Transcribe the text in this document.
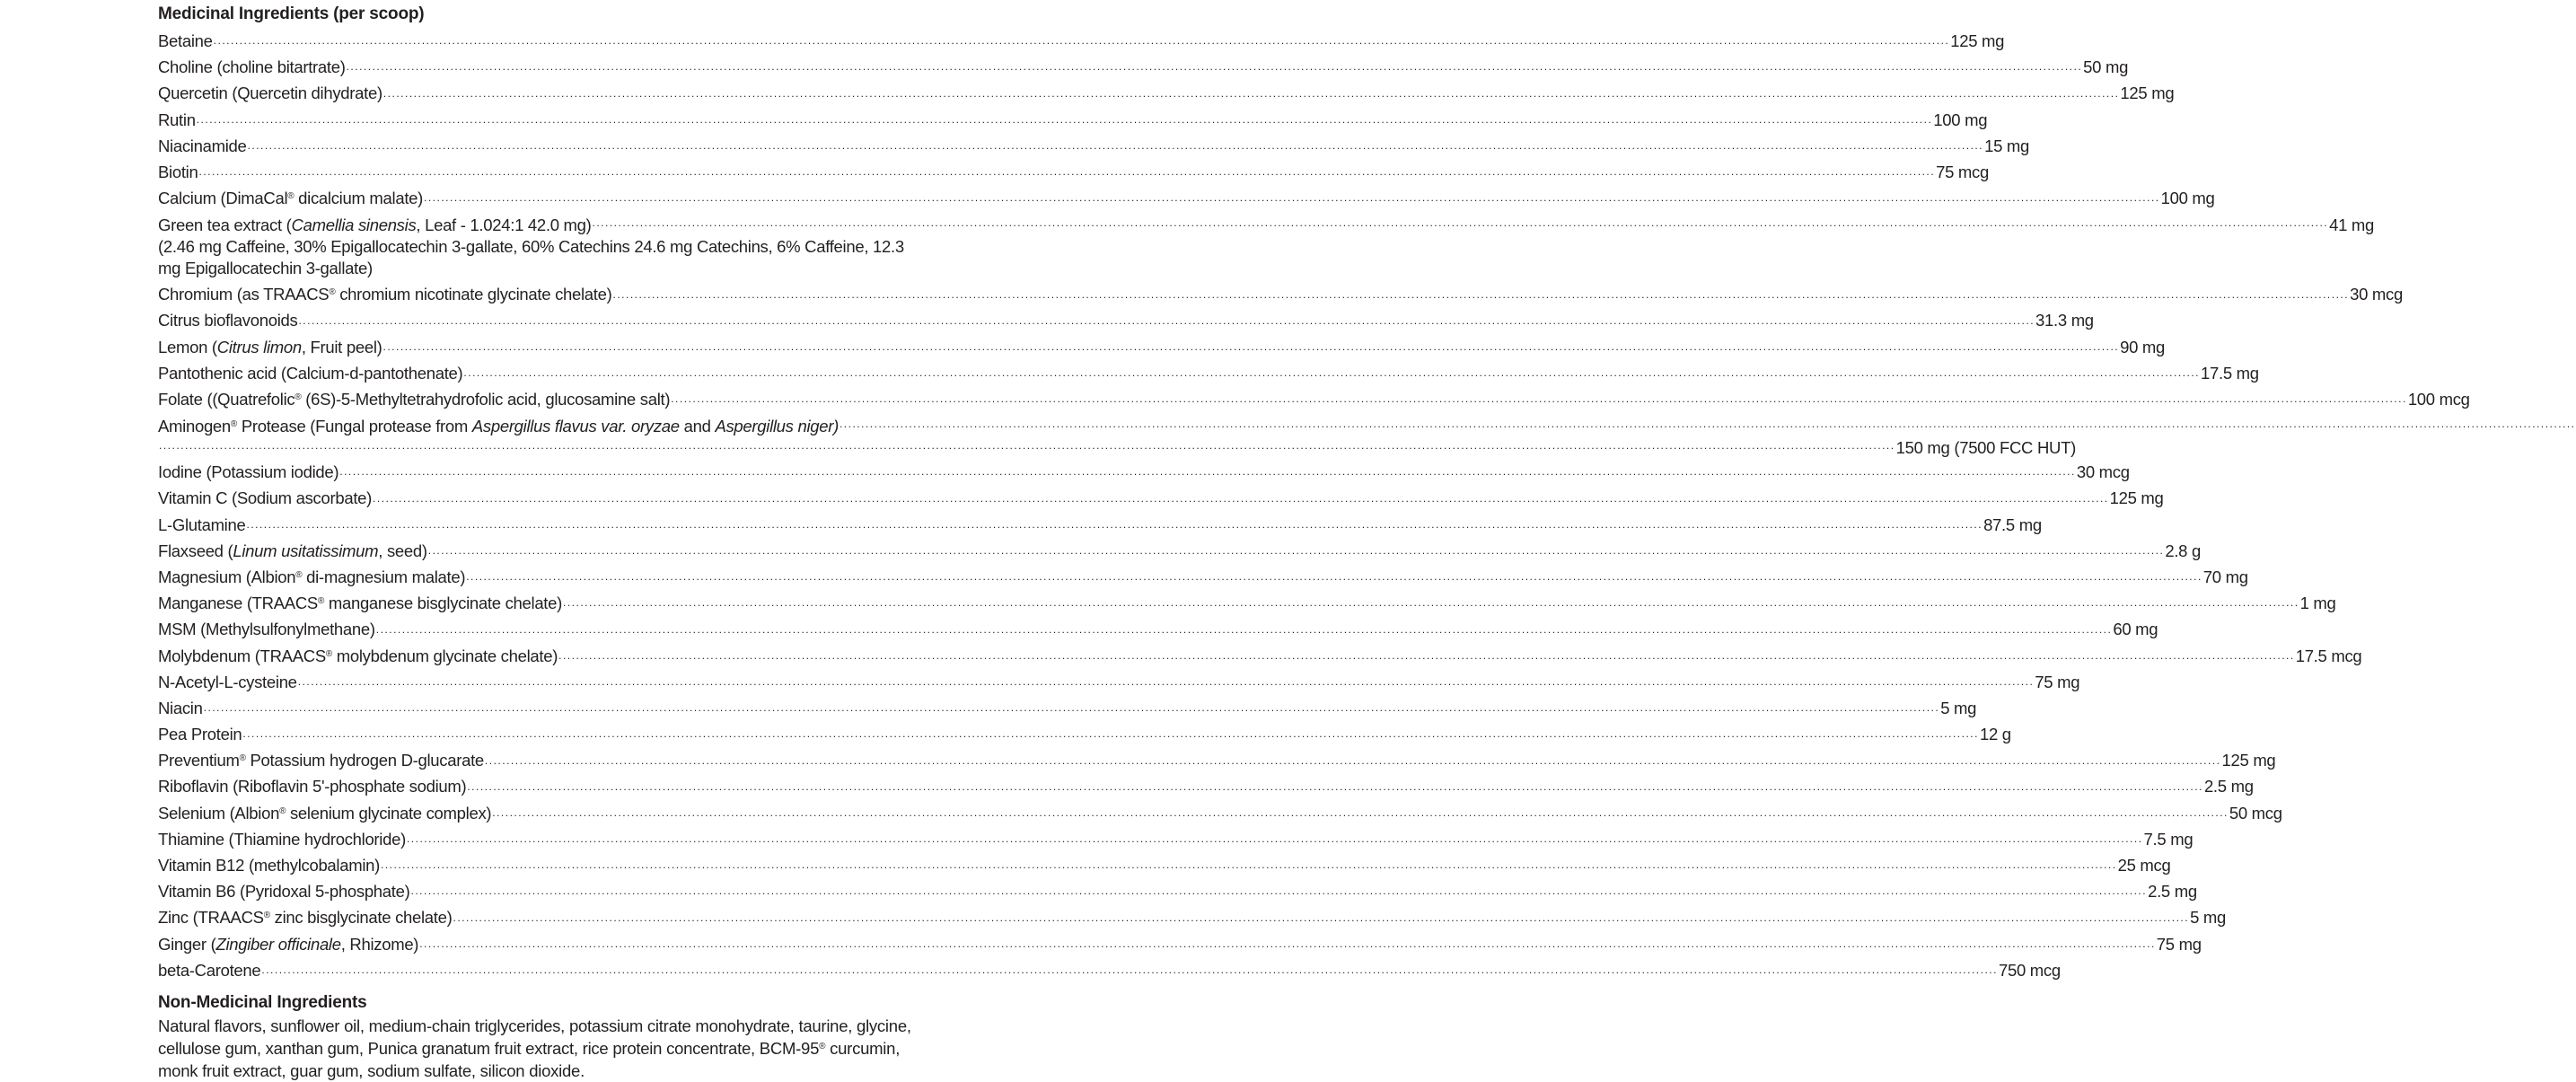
Medicinal Ingredients (per scoop)
Betaine ................................................................................................................................................................................................................................................................................................................................................................................................................ 125 mg
Choline (choline bitartrate) ................................................................................................................................................................................................................................................................................................................................................................................................................ 50 mg
Quercetin (Quercetin dihydrate) ................................................................................................................................................................................................................................................................................................................................................................................................................ 125 mg
Rutin ................................................................................................................................................................................................................................................................................................................................................................................................................ 100 mg
Niacinamide ................................................................................................................................................................................................................................................................................................................................................................................................................ 15 mg
Biotin ................................................................................................................................................................................................................................................................................................................................................................................................................ 75 mcg
Calcium (DimaCal® dicalcium malate) ................................................................................................................................................................................................................................................................................................................................................................................................................ 100 mg
Green tea extract (Camellia sinensis, Leaf - 1.024:1 42.0 mg) ................................................................................................................................................................................................................................................................................................................................................................................................................ 41 mg
(2.46 mg Caffeine, 30% Epigallocatechin 3-gallate, 60% Catechins 24.6 mg Catechins, 6% Caffeine, 12.3 mg Epigallocatechin 3-gallate)
Chromium (as TRAACS® chromium nicotinate glycinate chelate) ................................................................................................................................................................................................................................................................................................................................................................................................................ 30 mcg
Citrus bioflavonoids ................................................................................................................................................................................................................................................................................................................................................................................................................ 31.3 mg
Lemon (Citrus limon, Fruit peel) ................................................................................................................................................................................................................................................................................................................................................................................................................ 90 mg
Pantothenic acid (Calcium-d-pantothenate) ................................................................................................................................................................................................................................................................................................................................................................................................................ 17.5 mg
Folate ((Quatrefolic® (6S)-5-Methyltetrahydrofolic acid, glucosamine salt) ................................................................................................................................................................................................................................................................................................................................................................................................................ 100 mcg
Aminogen® Protease (Fungal protease from Aspergillus flavus var. oryzae and Aspergillus niger) ................................................................................................................................................................................................................................................................................................................................................................................................................
................................................................................................................................................................................................................................................................................................................................................................................................................ 150 mg (7500 FCC HUT)
Iodine (Potassium iodide) ................................................................................................................................................................................................................................................................................................................................................................................................................ 30 mcg
Vitamin C (Sodium ascorbate) ................................................................................................................................................................................................................................................................................................................................................................................................................ 125 mg
L-Glutamine ................................................................................................................................................................................................................................................................................................................................................................................................................ 87.5 mg
Flaxseed (Linum usitatissimum, seed) ................................................................................................................................................................................................................................................................................................................................................................................................................ 2.8 g
Magnesium (Albion® di-magnesium malate) ................................................................................................................................................................................................................................................................................................................................................................................................................ 70 mg
Manganese (TRAACS® manganese bisglycinate chelate) ................................................................................................................................................................................................................................................................................................................................................................................................................ 1 mg
MSM (Methylsulfonylmethane) ................................................................................................................................................................................................................................................................................................................................................................................................................ 60 mg
Molybdenum (TRAACS® molybdenum glycinate chelate) ................................................................................................................................................................................................................................................................................................................................................................................................................ 17.5 mcg
N-Acetyl-L-cysteine ................................................................................................................................................................................................................................................................................................................................................................................................................ 75 mg
Niacin ................................................................................................................................................................................................................................................................................................................................................................................................................ 5 mg
Pea Protein ................................................................................................................................................................................................................................................................................................................................................................................................................ 12 g
Preventium® Potassium hydrogen D-glucarate ................................................................................................................................................................................................................................................................................................................................................................................................................ 125 mg
Riboflavin (Riboflavin 5'-phosphate sodium) ................................................................................................................................................................................................................................................................................................................................................................................................................ 2.5 mg
Selenium (Albion® selenium glycinate complex) ................................................................................................................................................................................................................................................................................................................................................................................................................ 50 mcg
Thiamine (Thiamine hydrochloride) ................................................................................................................................................................................................................................................................................................................................................................................................................ 7.5 mg
Vitamin B12 (methylcobalamin) ................................................................................................................................................................................................................................................................................................................................................................................................................ 25 mcg
Vitamin B6 (Pyridoxal 5-phosphate) ................................................................................................................................................................................................................................................................................................................................................................................................................ 2.5 mg
Zinc (TRAACS® zinc bisglycinate chelate) ................................................................................................................................................................................................................................................................................................................................................................................................................ 5 mg
Ginger (Zingiber officinale, Rhizome) ................................................................................................................................................................................................................................................................................................................................................................................................................ 75 mg
beta-Carotene ................................................................................................................................................................................................................................................................................................................................................................................................................ 750 mcg
Non-Medicinal Ingredients

Natural flavors, sunflower oil, medium-chain triglycerides, potassium citrate monohydrate, taurine, glycine, cellulose gum, xanthan gum, Punica granatum fruit extract, rice protein concentrate, BCM-95® curcumin, monk fruit extract, guar gum, sodium sulfate, silicon dioxide.
